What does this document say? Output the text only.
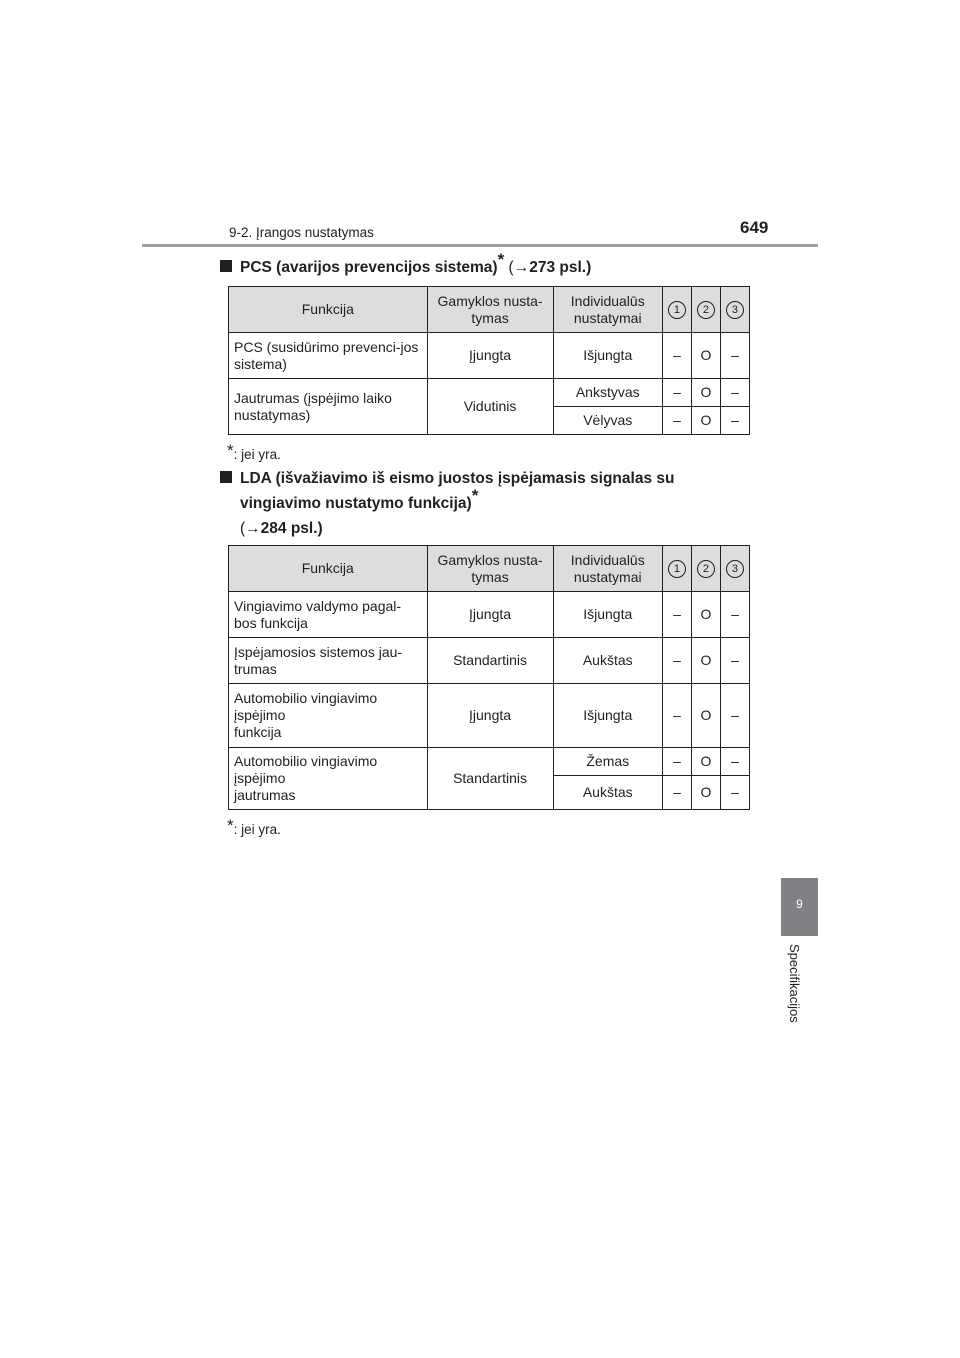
9-2. Įrangos nustatymas	649
9
Specifikacijos
PCS (avarijos prevencijos sistema)* (→273 psl.)
Funkcija	Gamyklos nusta-tymas	Individualūs nustatymai	1	2	3
PCS (susidūrimo prevenci-jos sistema)	Įjungta	Išjungta	–	O	–
Jautrumas (įspėjimo laiko nustatymas)	Vidutinis	Ankstyvas	–	O	–
		Vėlyvas	–	O	–
*: jei yra.
LDA (išvažiavimo iš eismo juostos įspėjamasis signalas su
vingiavimo nustatymo funkcija)*
(→284 psl.)
Funkcija	Gamyklos nusta-tymas	Individualūs nustatymai	1	2	3
Vingiavimo valdymo pagal-bos funkcija	Įjungta	Išjungta	–	O	–
Įspėjamosios sistemos jau-trumas	Standartinis	Aukštas	–	O	–

Automobilio vingiavimo
įspėjimo
funkcija	Įjungta	Išjungta	–	O	–

Automobilio vingiavimo
įspėjimo
jautrumas	Standartinis	Žemas	–	O	–
		Aukštas	–	O	–
*: jei yra.
